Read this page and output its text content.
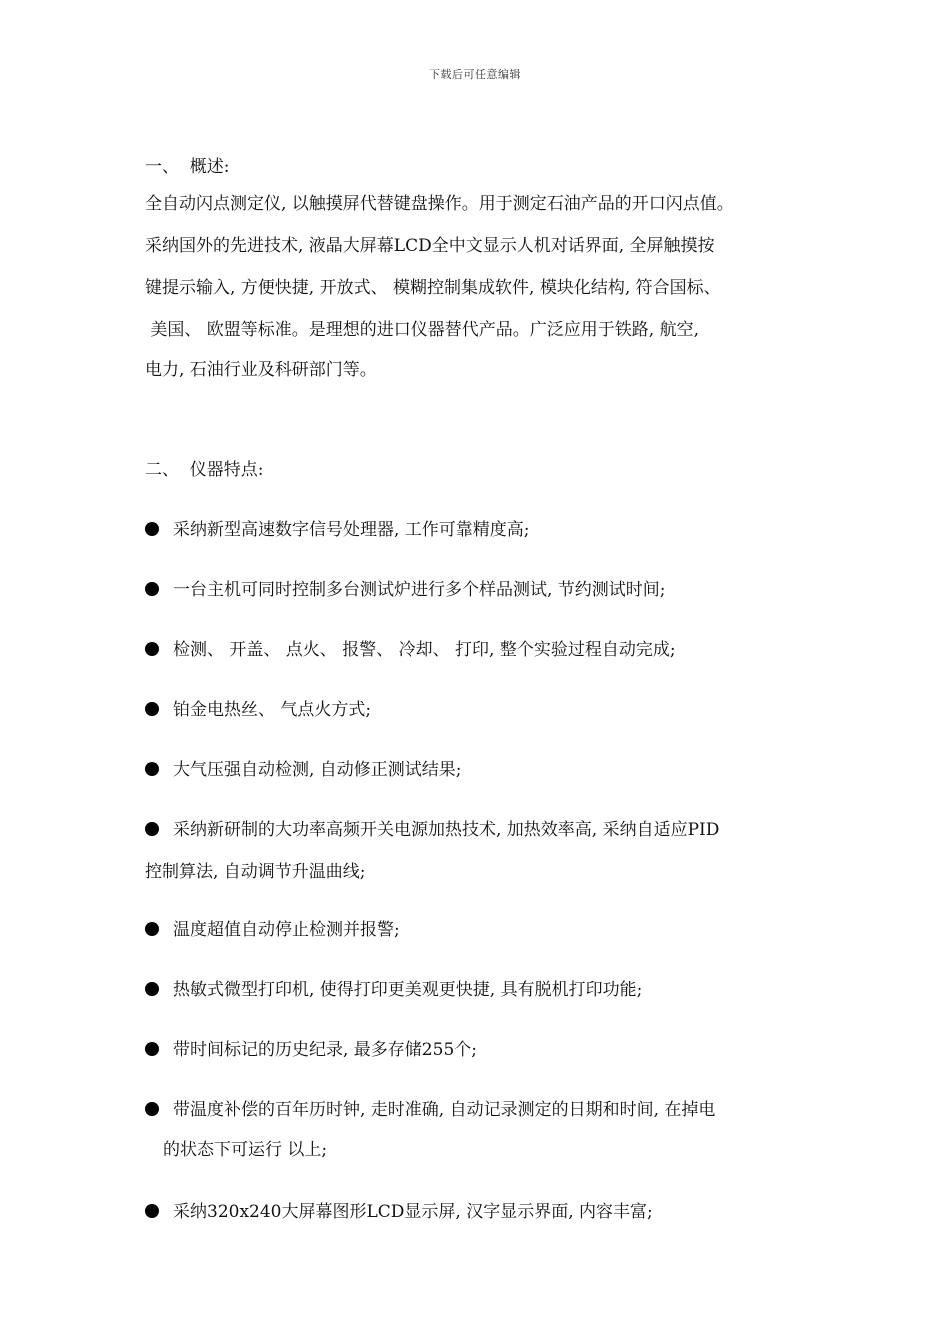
下载后可任意编辑
一、  概述:
全自动闪点测定仪, 以触摸屏代替键盘操作。用于测定石油产品的开口闪点值。
采纳国外的先进技术, 液晶大屏幕LCD全中文显示人机对话界面, 全屏触摸按
键提示输入, 方便快捷, 开放式、 模糊控制集成软件, 模块化结构, 符合国标、
美国、 欧盟等标准。是理想的进口仪器替代产品。广泛应用于铁路, 航空,
电力, 石油行业及科研部门等。
二、  仪器特点:
采纳新型高速数字信号处理器, 工作可靠精度高;
一台主机可同时控制多台测试炉进行多个样品测试, 节约测试时间;
检测、 开盖、 点火、 报警、 冷却、 打印, 整个实验过程自动完成;
铂金电热丝、 气点火方式;
大气压强自动检测, 自动修正测试结果;
采纳新研制的大功率高频开关电源加热技术, 加热效率高, 采纳自适应PID
控制算法, 自动调节升温曲线;
温度超值自动停止检测并报警;
热敏式微型打印机, 使得打印更美观更快捷, 具有脱机打印功能;
带时间标记的历史纪录, 最多存储255个;
带温度补偿的百年历时钟, 走时准确, 自动记录测定的日期和时间, 在掉电
的状态下可运行 以上;
采纳320x240大屏幕图形LCD显示屏, 汉字显示界面, 内容丰富;
